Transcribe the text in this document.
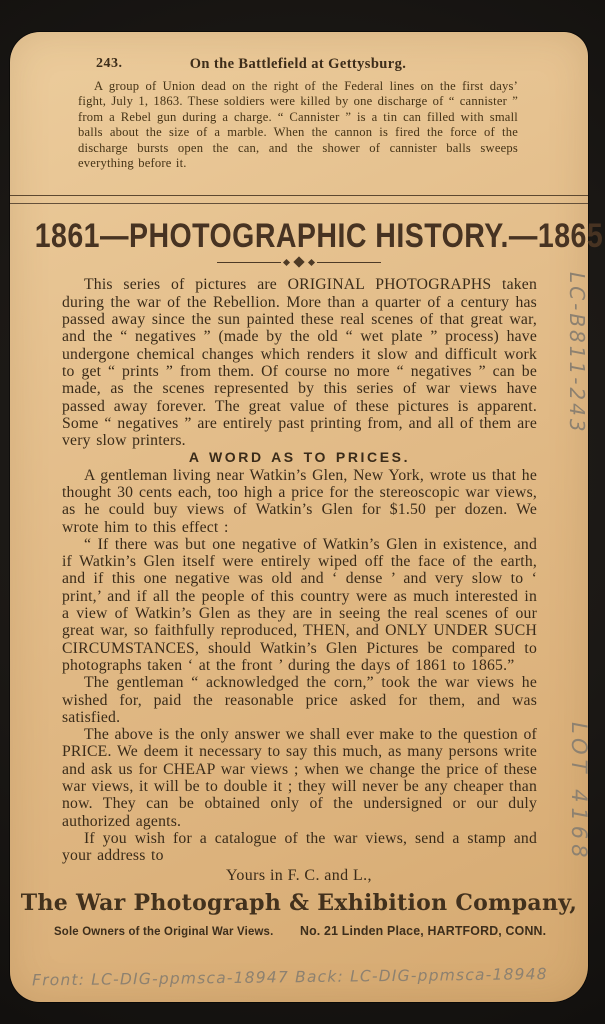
243.	On the Battlefield at Gettysburg.
A group of Union dead on the right of the Federal lines on the first days’ fight, July 1, 1863. These soldiers were killed by one discharge of “ cannister ” from a Rebel gun during a charge. “ Cannister ” is a tin can filled with small balls about the size of a marble. When the cannon is fired the force of the discharge bursts open the can, and the shower of cannister balls sweeps everything before it.
1861—PHOTOGRAPHIC HISTORY.—1865

This series of pictures are ORIGINAL PHOTOGRAPHS taken during the war of the Rebellion. More than a quarter of a century has passed away since the sun painted these real scenes of that great war, and the “ negatives ” (made by the old “ wet plate ” process) have undergone chemical changes which renders it slow and difficult work to get “ prints ” from them. Of course no more “ negatives ” can be made, as the scenes represented by this series of war views have passed away forever. The great value of these pictures is apparent. Some “ negatives ” are entirely past printing from, and all of them are very slow printers.

A WORD AS TO PRICES.

A gentleman living near Watkin’s Glen, New York, wrote us that he thought 30 cents each, too high a price for the stereoscopic war views, as he could buy views of Watkin’s Glen for $1.50 per dozen. We wrote him to this effect :

“ If there was but one negative of Watkin’s Glen in existence, and if Watkin’s Glen itself were entirely wiped off the face of the earth, and if this one negative was old and ‘ dense ’ and very slow to ‘ print,’ and if all the people of this country were as much interested in a view of Watkin’s Glen as they are in seeing the real scenes of our great war, so faithfully reproduced, THEN, and ONLY UNDER SUCH CIRCUMSTANCES, should Watkin’s Glen Pictures be compared to photographs taken ‘ at the front ’ during the days of 1861 to 1865.”

The gentleman “ acknowledged the corn,” took the war views he wished for, paid the reasonable price asked for them, and was satisfied.

The above is the only answer we shall ever make to the question of PRICE. We deem it necessary to say this much, as many persons write and ask us for CHEAP war views ; when we change the price of these war views, it will be to double it ; they will never be any cheaper than now. They can be obtained only of the undersigned or our duly authorized agents.

If you wish for a catalogue of the war views, send a stamp and your address to

Yours in F. C. and L.,
The War Photograph & Exhibition Company,
Sole Owners of the Original War Views. No. 21 Linden Place, HARTFORD, CONN.
Front: LC-DIG-ppmsca-18947 Back: LC-DIG-ppmsca-18948
LC-B811-243
LOT 4168
